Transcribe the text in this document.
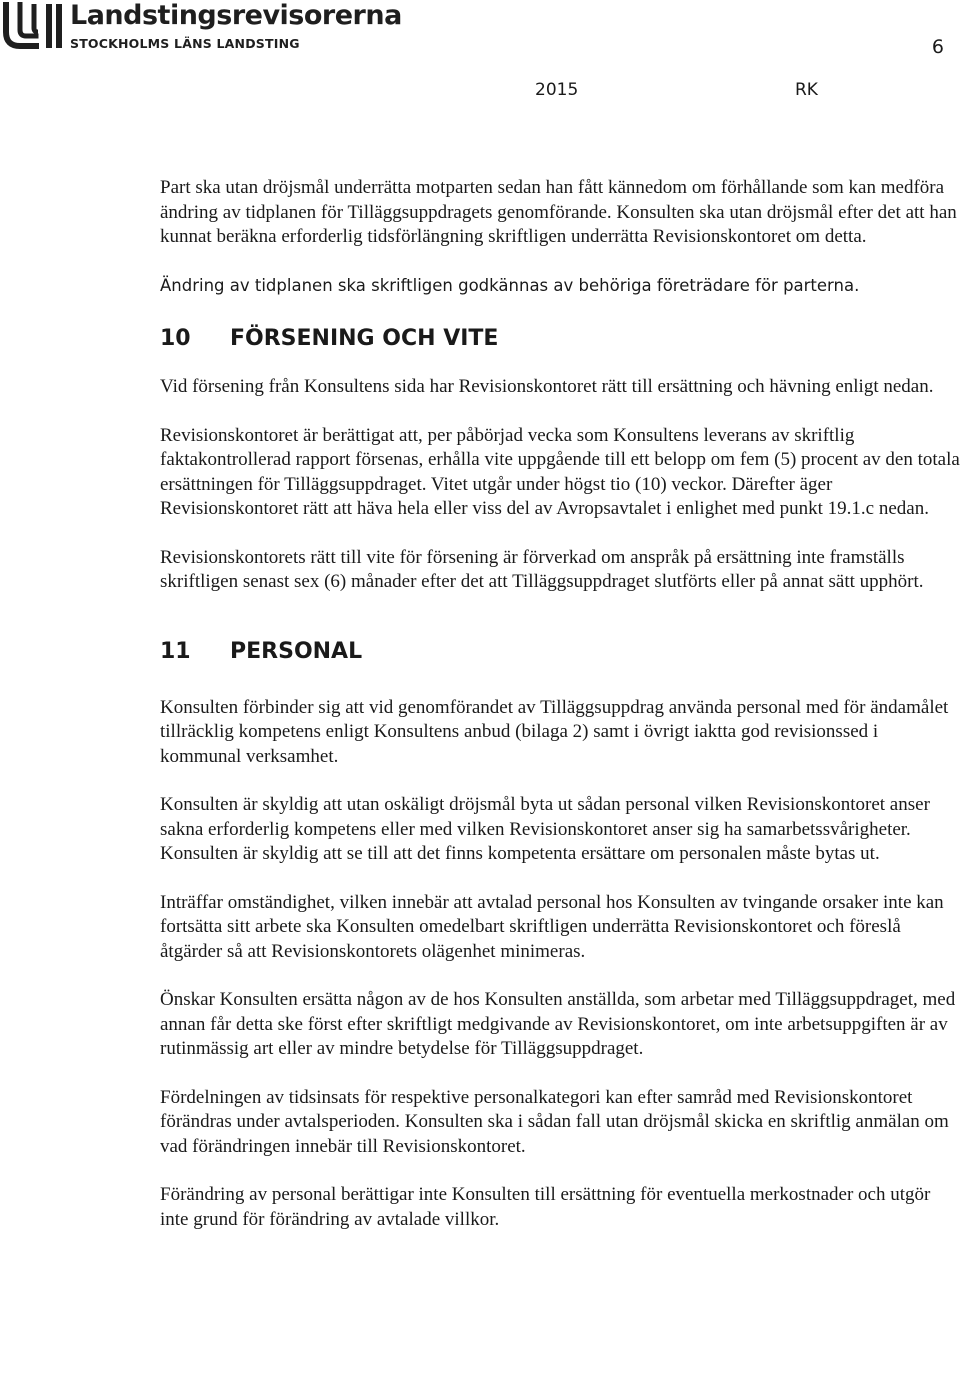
Landstingsrevisorerna
STOCKHOLMS LÄNS LANDSTING	6
2015	RK

Part ska utan dröjsmål underrätta motparten sedan han fått kännedom om förhållande som kan medföra ändring av tidplanen för Tilläggsuppdragets genomförande. Konsulten ska utan dröjsmål efter det att han kunnat beräkna erforderlig tidsförlängning skriftligen underrätta Revisionskontoret om detta.

Ändring av tidplanen ska skriftligen godkännas av behöriga företrädare för parterna.

10	FÖRSENING OCH VITE

Vid försening från Konsultens sida har Revisionskontoret rätt till ersättning och hävning enligt nedan.

Revisionskontoret är berättigat att, per påbörjad vecka som Konsultens leverans av skriftlig faktakontrollerad rapport försenas, erhålla vite uppgående till ett belopp om fem (5) procent av den totala ersättningen för Tilläggsuppdraget. Vitet utgår under högst tio (10) veckor. Därefter äger Revisionskontoret rätt att häva hela eller viss del av Avropsavtalet i enlighet med punkt 19.1.c nedan.

Revisionskontorets rätt till vite för försening är förverkad om anspråk på ersättning inte framställs skriftligen senast sex (6) månader efter det att Tilläggsuppdraget slutförts eller på annat sätt upphört.

11	PERSONAL

Konsulten förbinder sig att vid genomförandet av Tilläggsuppdrag använda personal med för ändamålet tillräcklig kompetens enligt Konsultens anbud (bilaga 2) samt i övrigt iaktta god revisionssed i kommunal verksamhet.

Konsulten är skyldig att utan oskäligt dröjsmål byta ut sådan personal vilken Revisionskontoret anser sakna erforderlig kompetens eller med vilken Revisionskontoret anser sig ha samarbetssvårigheter. Konsulten är skyldig att se till att det finns kompetenta ersättare om personalen måste bytas ut.

Inträffar omständighet, vilken innebär att avtalad personal hos Konsulten av tvingande orsaker inte kan fortsätta sitt arbete ska Konsulten omedelbart skriftligen underrätta Revisionskontoret och föreslå åtgärder så att Revisionskontorets olägenhet minimeras.

Önskar Konsulten ersätta någon av de hos Konsulten anställda, som arbetar med Tilläggsuppdraget, med annan får detta ske först efter skriftligt medgivande av Revisionskontoret, om inte arbetsuppgiften är av rutinmässig art eller av mindre betydelse för Tilläggsuppdraget.

Fördelningen av tidsinsats för respektive personalkategori kan efter samråd med Revisionskontoret förändras under avtalsperioden. Konsulten ska i sådan fall utan dröjsmål skicka en skriftlig anmälan om vad förändringen innebär till Revisionskontoret.

Förändring av personal berättigar inte Konsulten till ersättning för eventuella merkostnader och utgör inte grund för förändring av avtalade villkor.
